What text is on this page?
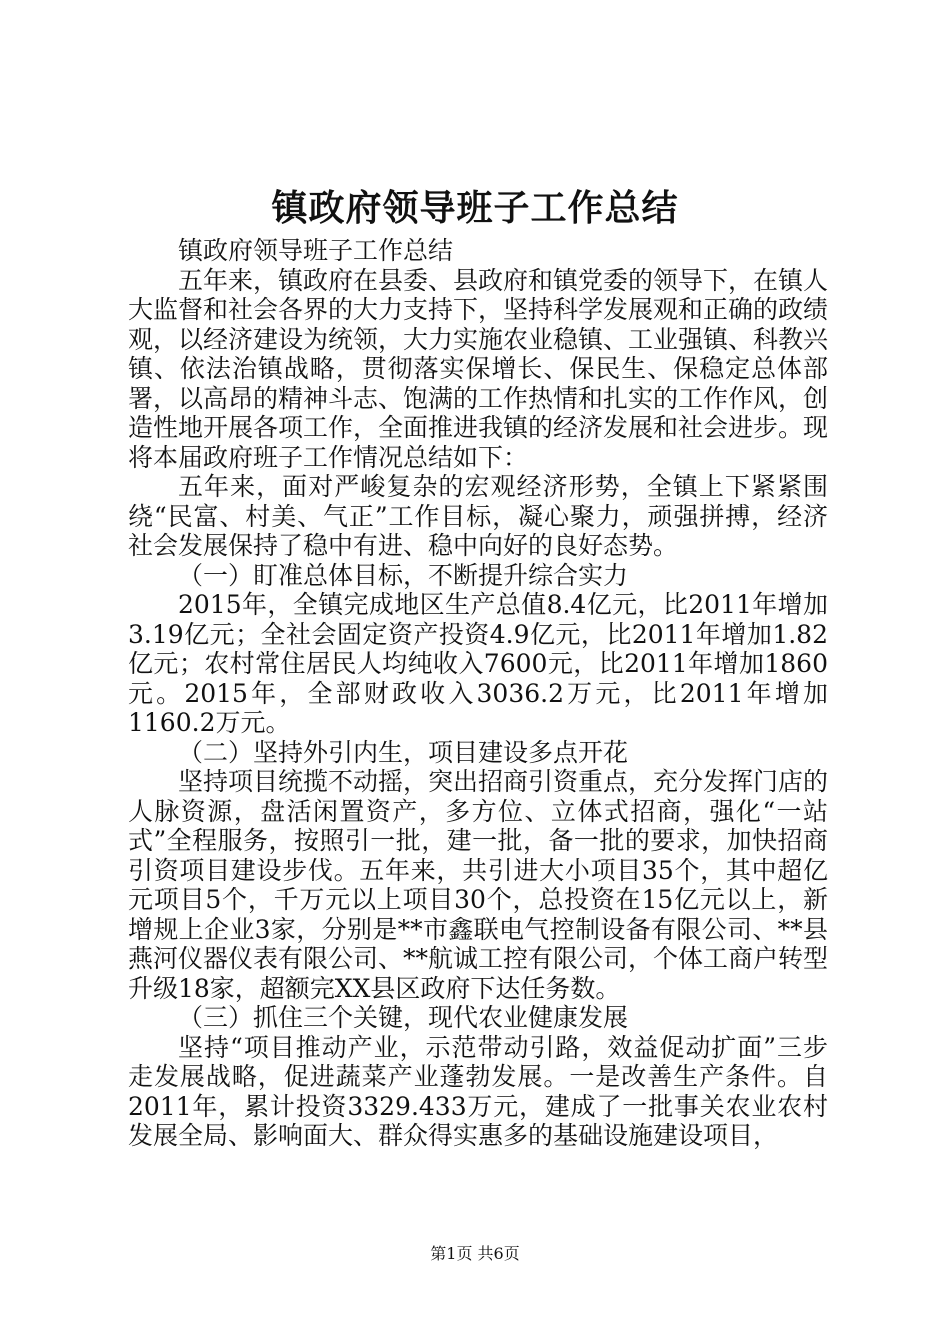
镇政府领导班子工作总结

镇政府领导班子工作总结

五年来，镇政府在县委、县政府和镇党委的领导下，在镇人大监督和社会各界的大力支持下，坚持科学发展观和正确的政绩观，以经济建设为统领，大力实施农业稳镇、工业强镇、科教兴镇、依法治镇战略，贯彻落实保增长、保民生、保稳定总体部署，以高昂的精神斗志、饱满的工作热情和扎实的工作作风，创造性地开展各项工作，全面推进我镇的经济发展和社会进步。现将本届政府班子工作情况总结如下：

五年来，面对严峻复杂的宏观经济形势，全镇上下紧紧围绕“民富、村美、气正”工作目标，凝心聚力，顽强拼搏，经济社会发展保持了稳中有进、稳中向好的良好态势。

（一）盯准总体目标，不断提升综合实力

2015年，全镇完成地区生产总值8.4亿元，比2011年增加3.19亿元；全社会固定资产投资4.9亿元，比2011年增加1.82亿元；农村常住居民人均纯收入7600元，比2011年增加1860元。2015年，全部财政收入3036.2万元，比2011年增加1160.2万元。

（二）坚持外引内生，项目建设多点开花

坚持项目统揽不动摇，突出招商引资重点，充分发挥门店的人脉资源，盘活闲置资产，多方位、立体式招商，强化“一站式”全程服务，按照引一批，建一批，备一批的要求，加快招商引资项目建设步伐。五年来，共引进大小项目35个，其中超亿元项目5个，千万元以上项目30个，总投资在15亿元以上，新增规上企业3家，分别是**市鑫联电气控制设备有限公司、**县燕河仪器仪表有限公司、**航诚工控有限公司，个体工商户转型升级18家，超额完XX县区政府下达任务数。

（三）抓住三个关键，现代农业健康发展

坚持“项目推动产业，示范带动引路，效益促动扩面”三步走发展战略，促进蔬菜产业蓬勃发展。一是改善生产条件。自2011年，累计投资3329.433万元，建成了一批事关农业农村发展全局、影响面大、群众得实惠多的基础设施建设项目，

第1页 共6页
